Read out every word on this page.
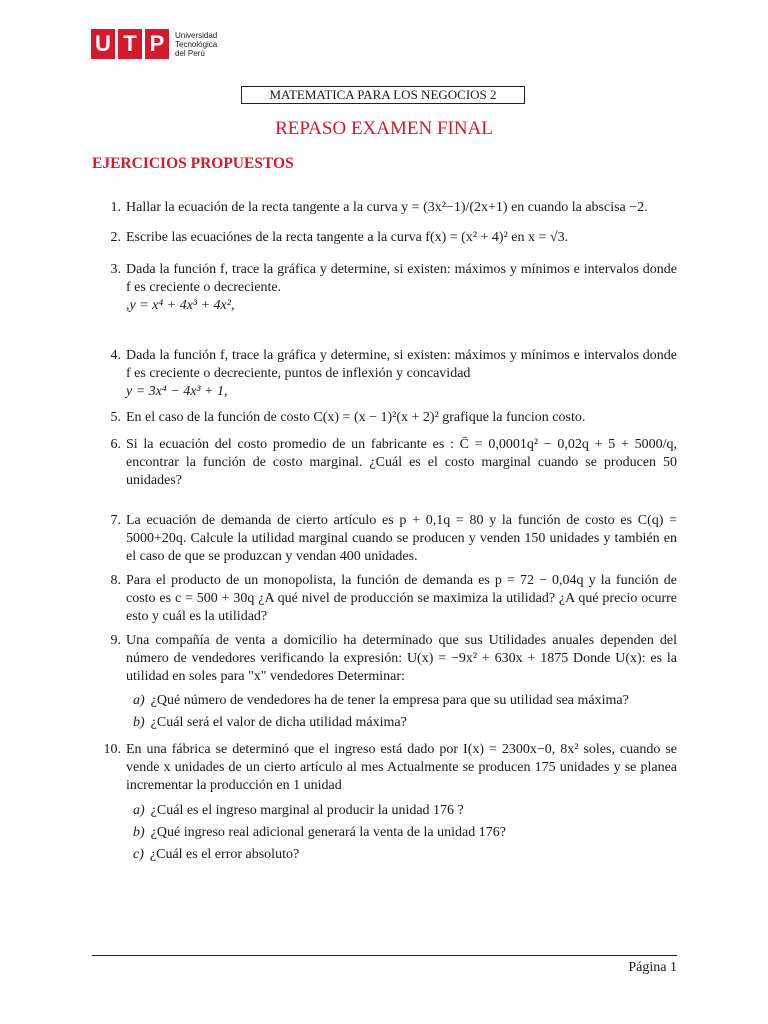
U T P	Universidad
Tecnológica
del Perú
MATEMATICA PARA LOS NEGOCIOS 2
REPASO EXAMEN FINAL
EJERCICIOS PROPUESTOS
1. Hallar la ecuación de la recta tangente a la curva y = (3x²−1)/(2x+1) en cuando la abscisa −2.
2. Escribe las ecuaciónes de la recta tangente a la curva f(x) = (x² + 4)² en x = √3.
3. Dada la función f, trace la gráfica y determine, si existen: máximos y mínimos e intervalos donde f es creciente o decreciente.
,y = x⁴ + 4x³ + 4x²,
4. Dada la función f, trace la gráfica y determine, si existen: máximos y mínimos e intervalos donde f es creciente o decreciente, puntos de inflexión y concavidad
y = 3x⁴ − 4x³ + 1,
5. En el caso de la función de costo C(x) = (x − 1)²(x + 2)² grafique la funcion costo.
6. Si la ecuación del costo promedio de un fabricante es : C̄ = 0,0001q² − 0,02q + 5 + 5000/q, encontrar la función de costo marginal. ¿Cuál es el costo marginal cuando se producen 50 unidades?
7. La ecuación de demanda de cierto artículo es p + 0,1q = 80 y la función de costo es C(q) = 5000+20q. Calcule la utilidad marginal cuando se producen y venden 150 unidades y también en el caso de que se produzcan y vendan 400 unidades.
8. Para el producto de un monopolista, la función de demanda es p = 72 − 0,04q y la función de costo es c = 500 + 30q ¿A qué nivel de producción se maximiza la utilidad? ¿A qué precio ocurre esto y cuál es la utilidad?
9. Una compañía de venta a domicilio ha determinado que sus Utilidades anuales dependen del número de vendedores verificando la expresión: U(x) = −9x² + 630x + 1875 Donde U(x): es la utilidad en soles para "x" vendedores Determinar:
a) ¿Qué número de vendedores ha de tener la empresa para que su utilidad sea máxima?
b) ¿Cuál será el valor de dicha utilidad máxima?
10. En una fábrica se determinó que el ingreso está dado por I(x) = 2300x−0, 8x² soles, cuando se vende x unidades de un cierto artículo al mes Actualmente se producen 175 unidades y se planea incrementar la producción en 1 unidad
a) ¿Cuál es el ingreso marginal al producir la unidad 176 ?
b) ¿Qué ingreso real adicional generará la venta de la unidad 176?
c) ¿Cuál es el error absoluto?
Página 1
